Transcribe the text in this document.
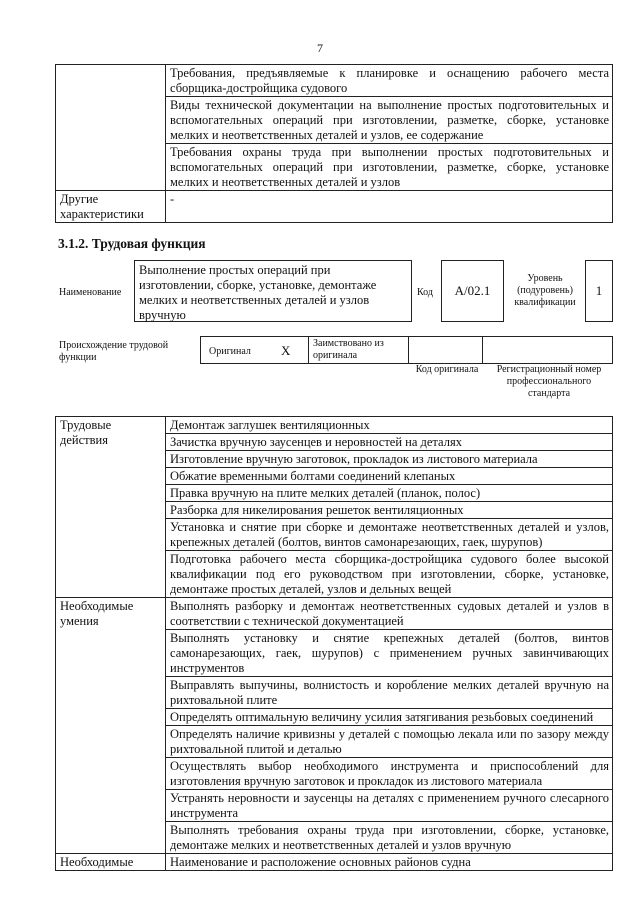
7
	Требования, предъявляемые к планировке и оснащению рабочего места сборщика-достройщика судового
	Виды технической документации на выполнение простых подготовительных и вспомогательных операций при изготовлении, разметке, сборке, установке мелких и неответственных деталей и узлов, ее содержание
	Требования охраны труда при выполнении простых подготовительных и вспомогательных операций при изготовлении, разметке, сборке, установке мелких и неответственных деталей и узлов
Другие характеристики	-
3.1.2. Трудовая функция
Наименование
Выполнение простых операций при изготовлении, сборке, установке, демонтаже мелких и неответственных деталей и узлов вручную
Код	A/02.1
Уровень (подуровень) квалификации
1
Происхождение трудовой функции
Оригинал X Заимствовано из оригинала
Код оригинала	Регистрационный номер профессионального стандарта
Трудовые действия	Демонтаж заглушек вентиляционных
	Зачистка вручную заусенцев и неровностей на деталях
	Изготовление вручную заготовок, прокладок из листового материала
	Обжатие временными болтами соединений клепаных
	Правка вручную на плите мелких деталей (планок, полос)
	Разборка для никелирования решеток вентиляционных
	Установка и снятие при сборке и демонтаже неответственных деталей и узлов, крепежных деталей (болтов, винтов самонарезающих, гаек, шурупов)
	Подготовка рабочего места сборщика-достройщика судового более высокой квалификации под его руководством при изготовлении, сборке, установке, демонтаже простых деталей, узлов и дельных вещей
Необходимые умения	Выполнять разборку и демонтаж неответственных судовых деталей и узлов в соответствии с технической документацией
	Выполнять установку и снятие крепежных деталей (болтов, винтов самонарезающих, гаек, шурупов) с применением ручных завинчивающих инструментов
	Выправлять выпучины, волнистость и коробление мелких деталей вручную на рихтовальной плите
	Определять оптимальную величину усилия затягивания резьбовых соединений
	Определять наличие кривизны у деталей с помощью лекала или по зазору между рихтовальной плитой и деталью
	Осуществлять выбор необходимого инструмента и приспособлений для изготовления вручную заготовок и прокладок из листового материала
	Устранять неровности и заусенцы на деталях с применением ручного слесарного инструмента
	Выполнять требования охраны труда при изготовлении, сборке, установке, демонтаже мелких и неответственных деталей и узлов вручную
Необходимые	Наименование и расположение основных районов судна
